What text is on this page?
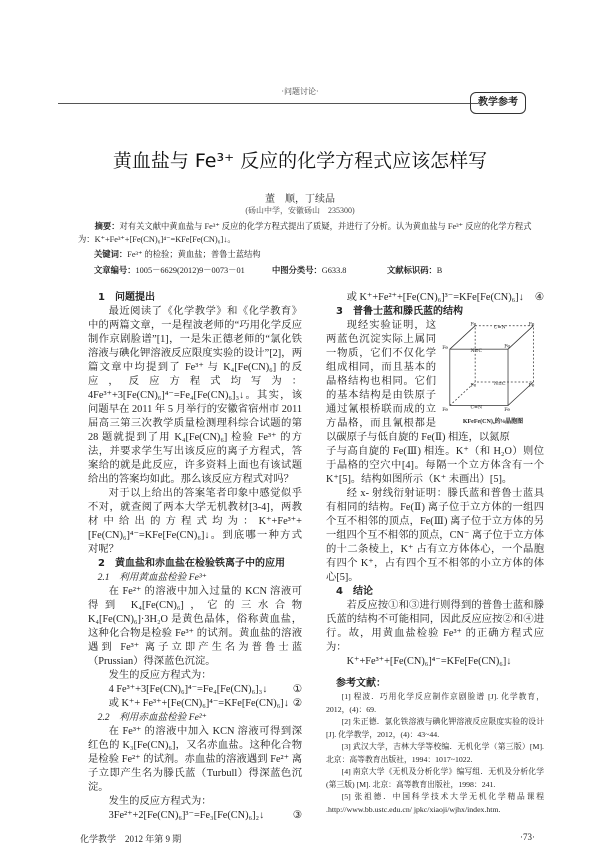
·问题讨论·
教学参考
黄血盐与 Fe³⁺ 反应的化学方程式应该怎样写
董　顺，丁续品
(砀山中学，安徽砀山　235300)
摘要：对有关文献中黄血盐与 Fe³⁺ 反应的化学方程式提出了质疑，并进行了分析。认为黄血盐与 Fe³⁺ 反应的化学方程式为：K⁺+Fe³⁺+[Fe(CN)₆]⁴⁻=KFe[Fe(CN)₆]↓。
关键词：Fe³⁺ 的检验；黄血盐；普鲁士蓝结构
文章编号：1005－6629(2012)9－0073－01	中图分类号：G633.8	文献标识码：B

1　问题提出

最近阅读了《化学教学》和《化学教育》中的两篇文章，一是程波老师的“巧用化学反应制作京剧脸谱”[1]，一是朱正德老师的“氯化铁溶液与碘化钾溶液反应限度实验的设计”[2]，两篇文章中均提到了 Fe³⁺ 与 K₄[Fe(CN)₆] 的反应，反应方程式均写为：4Fe³⁺+3[Fe(CN)₆]⁴⁻=Fe₄[Fe(CN)₆]₃↓。其实，该问题早在 2011 年 5 月举行的安徽省宿州市 2011 届高三第三次教学质量检测理科综合试题的第 28 题就提到了用 K₄[Fe(CN)₆] 检验 Fe³⁺ 的方法，并要求学生写出该反应的离子方程式，答案给的就是此反应，许多资料上面也有该试题给出的答案均如此。那么该反应方程式对吗？

对于以上给出的答案笔者印象中感觉似乎不对，就查阅了两本大学无机教材[3-4]，两教材中给出的方程式均为：K⁺+Fe³⁺+[Fe(CN)₆]⁴⁻=KFe[Fe(CN)₆]↓。到底哪一种方式对呢？

2　黄血盐和赤血盐在检验铁离子中的应用

2.1　利用黄血盐检验 Fe³⁺

在 Fe²⁺ 的溶液中加入过量的 KCN 溶液可得到 K₄[Fe(CN)₆]，它的三水合物 K₄[Fe(CN)₆]·3H₂O 是黄色晶体，俗称黄血盐，这种化合物是检验 Fe³⁺ 的试剂。黄血盐的溶液遇到 Fe³⁺ 离子立即产生名为普鲁士蓝（Prussian）得深蓝色沉淀。

发生的反应方程式为：

4 Fe³⁺+3[Fe(CN)₆]⁴⁻=Fe₄[Fe(CN)₆]₃↓ ①
或 K⁺+ Fe³⁺+[Fe(CN)₆]⁴⁻=KFe[Fe(CN)₆]↓ ②

2.2　利用赤血盐检验 Fe²⁺

在 Fe³⁺ 的溶液中加入 KCN 溶液可得到深红色的 K₃[Fe(CN)₆]，又名赤血盐。这种化合物是检验 Fe²⁺ 的试剂。赤血盐的溶液遇到 Fe²⁺ 离子立即产生名为滕氏蓝（Turbull）得深蓝色沉淀。

发生的反应方程式为：

3Fe²⁺+2[Fe(CN)₆]³⁻=Fe₃[Fe(CN)₆]₂↓	③
或 K⁺+Fe²⁺+[Fe(CN)₆]³⁻=KFe[Fe(CN)₆]↓ ④

3　普鲁士蓝和滕氏蓝的结构

Fe	Fe
Fe	Fe
Fe	Fe
Fe	Fe
C≡N
N≡C
C≡N
N≡C
KFeFe(CN)₆的⅛晶胞图

现经实验证明，这两蓝色沉淀实际上属同一物质，它们不仅化学组成相同，而且基本的晶格结构也相同。它们的基本结构是由铁原子通过氰根桥联而成的立方晶格，而且氰根都是以碳原子与低自旋的 Fe(Ⅱ) 相连，以氮原

子与高自旋的 Fe(Ⅲ) 相连。K⁺（和 H₂O）则位于晶格的空穴中[4]。每隔一个立方体含有一个 K⁺[5]。结构如图所示（K⁺ 未画出）[5]。

经 x- 射线衍射证明：滕氏蓝和普鲁士蓝具有相同的结构。Fe(Ⅱ) 离子位于立方体的一组四个互不相邻的顶点，Fe(Ⅲ) 离子位于立方体的另一组四个互不相邻的顶点，CN⁻ 离子位于立方体的十二条棱上，K⁺ 占有立方体体心，一个晶胞有四个 K⁺，占有四个互不相邻的小立方体的体心[5]。

4　结论

若反应按①和③进行则得到的普鲁士蓝和滕氏蓝的结构不可能相同，因此反应应按②和④进行。故，用黄血盐检验 Fe³⁺ 的正确方程式应为：

K⁺+Fe³⁺+[Fe(CN)₆]⁴⁻=KFe[Fe(CN)₆]↓

参考文献：

[1] 程波．巧用化学反应制作京剧脸谱 [J]. 化学教育，2012，(4)：69.

[2] 朱正德．氯化铁溶液与碘化钾溶液反应限度实验的设计 [J]. 化学教学，2012，(4)：43~44.

[3] 武汉大学，吉林大学等校编．无机化学（第三版）[M]. 北京：高等教育出版社，1994：1017~1022.

[4] 南京大学《无机及分析化学》编写组．无机及分析化学(第三版) [M]. 北京：高等教育出版社，1998：241.

[5] 张祖德．中国科学技术大学无机化学精品课程 .http://www.bb.ustc.edu.cn/ jpkc/xiaoji/wjhx/index.htm.

化学教学　2012 年第 9 期	·73·
